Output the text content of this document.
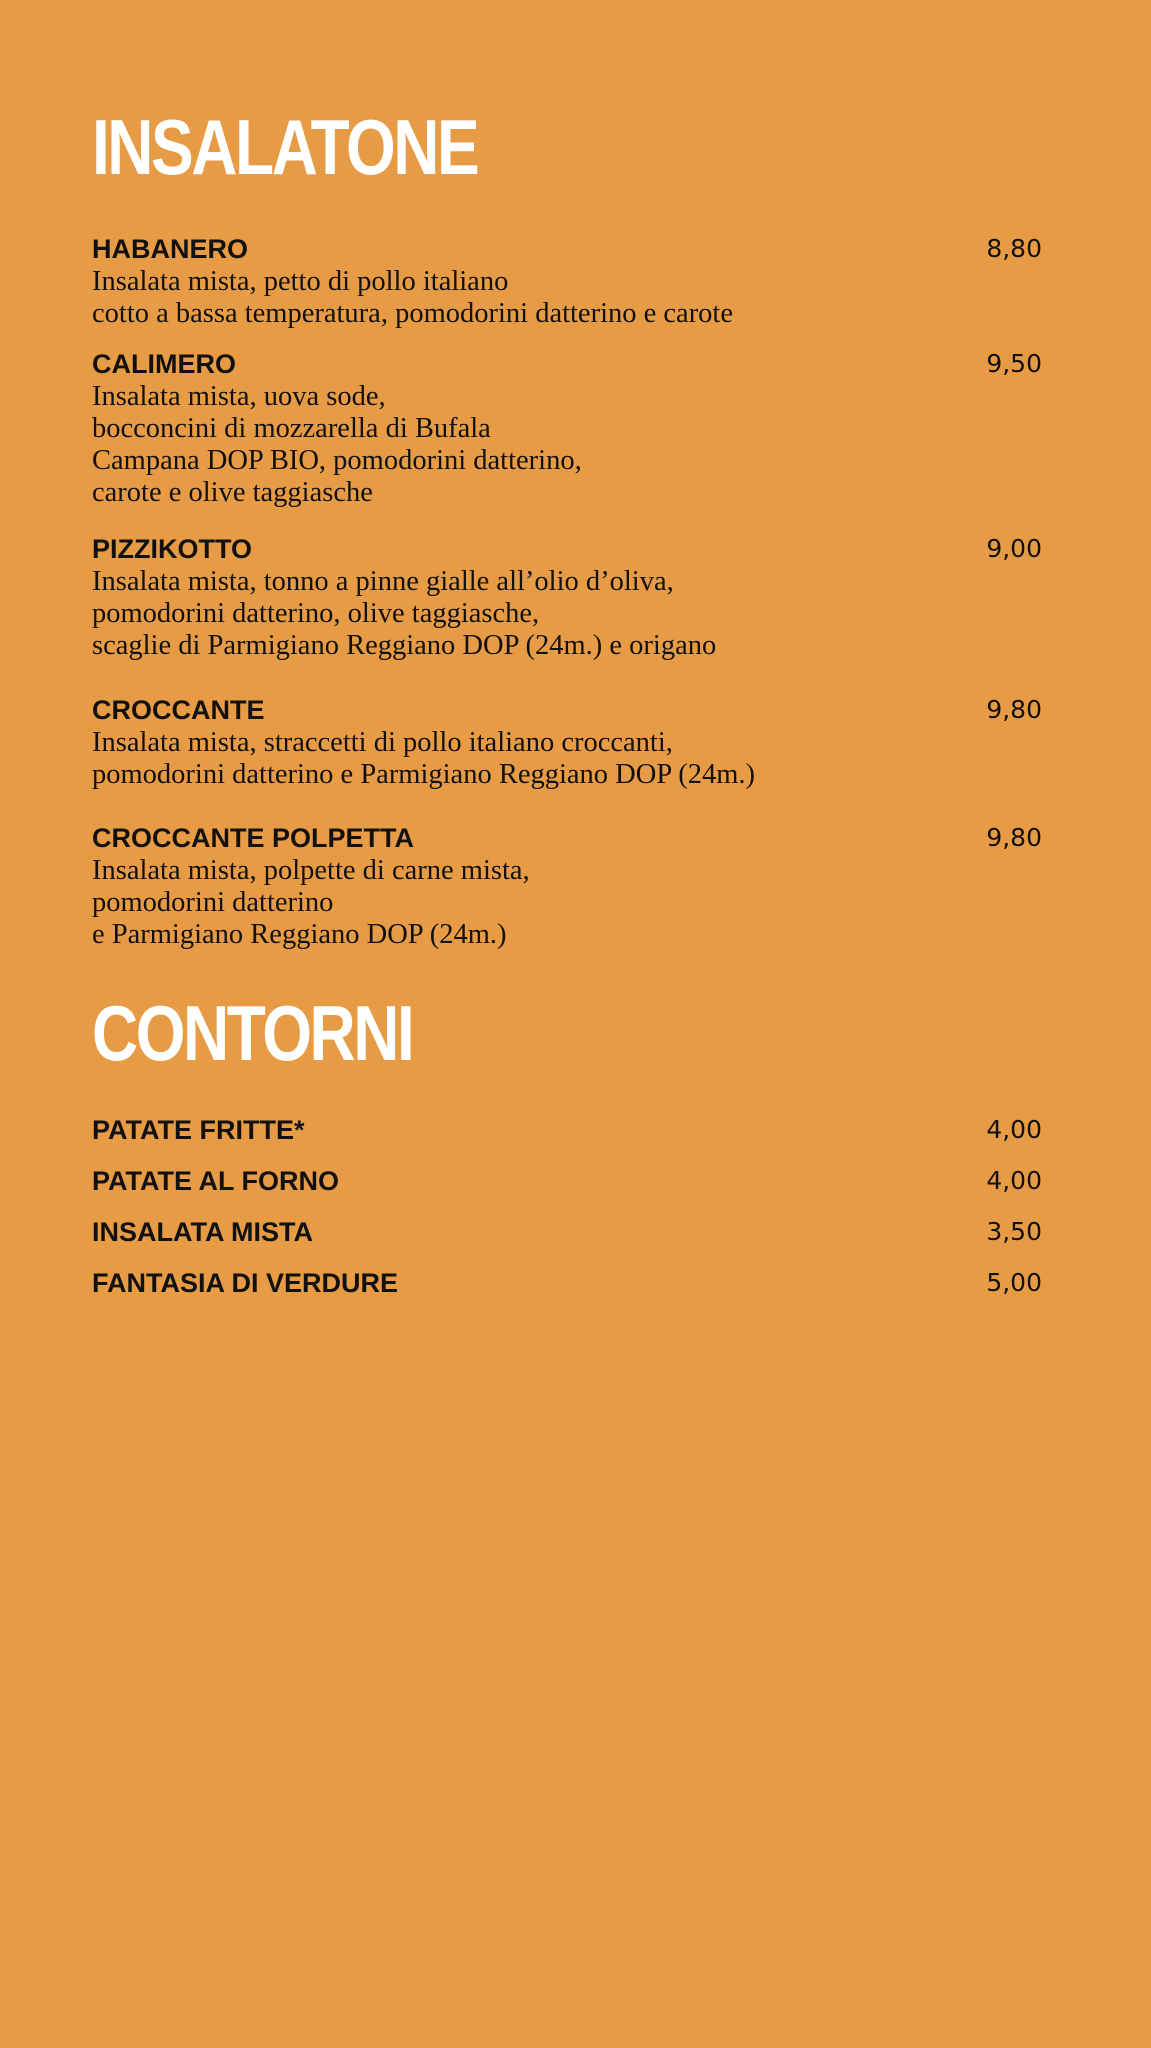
INSALATONE
HABANERO	8,80
Insalata mista, petto di pollo italiano
cotto a bassa temperatura, pomodorini datterino e carote
CALIMERO	9,50
Insalata mista, uova sode,
bocconcini di mozzarella di Bufala
Campana DOP BIO, pomodorini datterino,
carote e olive taggiasche
PIZZIKOTTO	9,00
Insalata mista, tonno a pinne gialle all’olio d’oliva,
pomodorini datterino, olive taggiasche,
scaglie di Parmigiano Reggiano DOP (24m.) e origano
CROCCANTE	9,80
Insalata mista, straccetti di pollo italiano croccanti,
pomodorini datterino e Parmigiano Reggiano DOP (24m.)
CROCCANTE POLPETTA	9,80
Insalata mista, polpette di carne mista,
pomodorini datterino
e Parmigiano Reggiano DOP (24m.)
CONTORNI
PATATE FRITTE*	4,00
PATATE AL FORNO	4,00
INSALATA MISTA	3,50
FANTASIA DI VERDURE	5,00
